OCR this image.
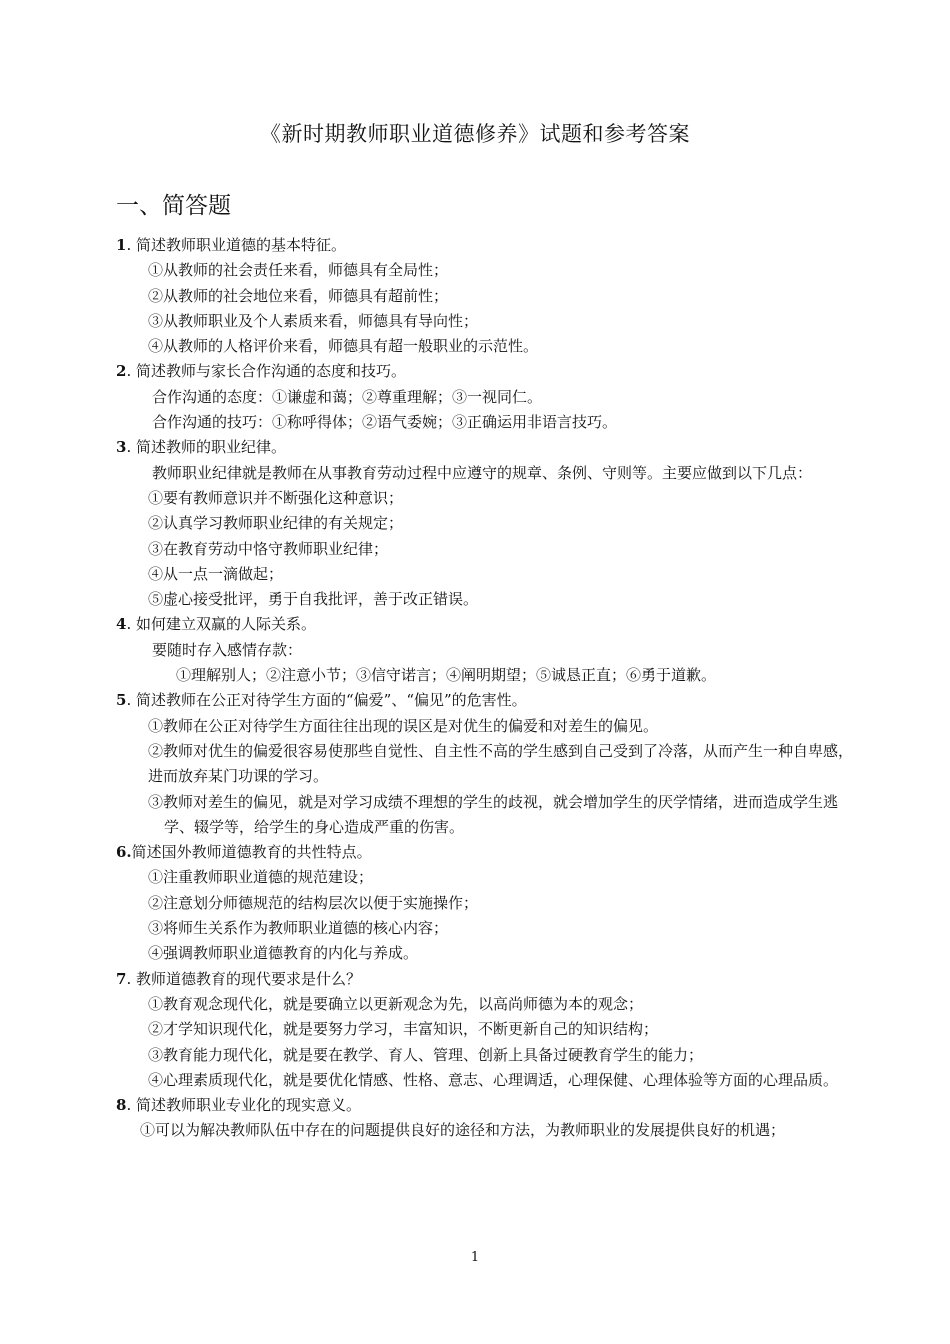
《新时期教师职业道德修养》试题和参考答案
一、简答题

1. 简述教师职业道德的基本特征。

①从教师的社会责任来看，师德具有全局性；

②从教师的社会地位来看，师德具有超前性；

③从教师职业及个人素质来看，师德具有导向性；

④从教师的人格评价来看，师德具有超一般职业的示范性。

2. 简述教师与家长合作沟通的态度和技巧。

合作沟通的态度：①谦虚和蔼；②尊重理解；③一视同仁。

合作沟通的技巧：①称呼得体；②语气委婉；③正确运用非语言技巧。

3. 简述教师的职业纪律。

教师职业纪律就是教师在从事教育劳动过程中应遵守的规章、条例、守则等。主要应做到以下几点：

①要有教师意识并不断强化这种意识；

②认真学习教师职业纪律的有关规定；

③在教育劳动中恪守教师职业纪律；

④从一点一滴做起；

⑤虚心接受批评，勇于自我批评，善于改正错误。

4. 如何建立双赢的人际关系。

要随时存入感情存款：

①理解别人；②注意小节；③信守诺言；④阐明期望；⑤诚恳正直；⑥勇于道歉。

5. 简述教师在公正对待学生方面的“偏爱”、“偏见”的危害性。

①教师在公正对待学生方面往往出现的误区是对优生的偏爱和对差生的偏见。

②教师对优生的偏爱很容易使那些自觉性、自主性不高的学生感到自己受到了冷落，从而产生一种自卑感，进而放弃某门功课的学习。

③教师对差生的偏见，就是对学习成绩不理想的学生的歧视，就会增加学生的厌学情绪，进而造成学生逃学、辍学等，给学生的身心造成严重的伤害。

6.简述国外教师道德教育的共性特点。

①注重教师职业道德的规范建设；

②注意划分师德规范的结构层次以便于实施操作；

③将师生关系作为教师职业道德的核心内容；

④强调教师职业道德教育的内化与养成。

7. 教师道德教育的现代要求是什么？

①教育观念现代化，就是要确立以更新观念为先，以高尚师德为本的观念；

②才学知识现代化，就是要努力学习，丰富知识，不断更新自己的知识结构；

③教育能力现代化，就是要在教学、育人、管理、创新上具备过硬教育学生的能力；

④心理素质现代化，就是要优化情感、性格、意志、心理调适，心理保健、心理体验等方面的心理品质。

8. 简述教师职业专业化的现实意义。

①可以为解决教师队伍中存在的问题提供良好的途径和方法，为教师职业的发展提供良好的机遇；

1
